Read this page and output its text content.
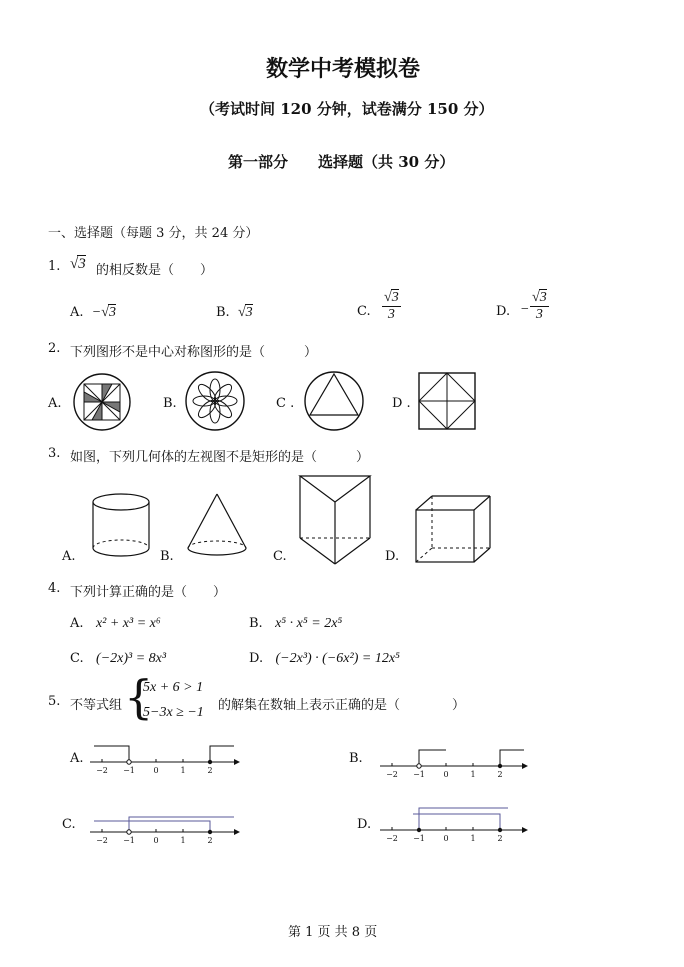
数学中考模拟卷
（考试时间 120 分钟，试卷满分 150 分）
第一部分　　选择题（共 30 分）
一、选择题（每题 3 分，共 24 分）
1. √3 的相反数是（　　）
A. −√3	B. √3	C. $\frac{√3}{3}$	D. − $\frac{√3}{3}$
2. 下列图形不是中心对称图形的是（　　　）
A.	B.	C .	D .
3. 如图，下列几何体的左视图不是矩形的是（　　　）
A.	B.	C.	D.
4. 下列计算正确的是（　　）
A. x² + x³ = x⁶	B. x⁵ · x⁵ = 2x⁵
C. (−2x)³ = 8x³	D. (−2x³) · (−6x²) = 12x⁵
5. 不等式组 {
5x + 6 > 1
5−3x ≥ −1 的解集在数轴上表示正确的是（　　　　）
A.
−2 −1 0	1	2
B.
−2 −1 0	1	2
C.
−2 −1 0	1	2
D.
−2 −1 0	1	2
第 1 页 共 8 页
